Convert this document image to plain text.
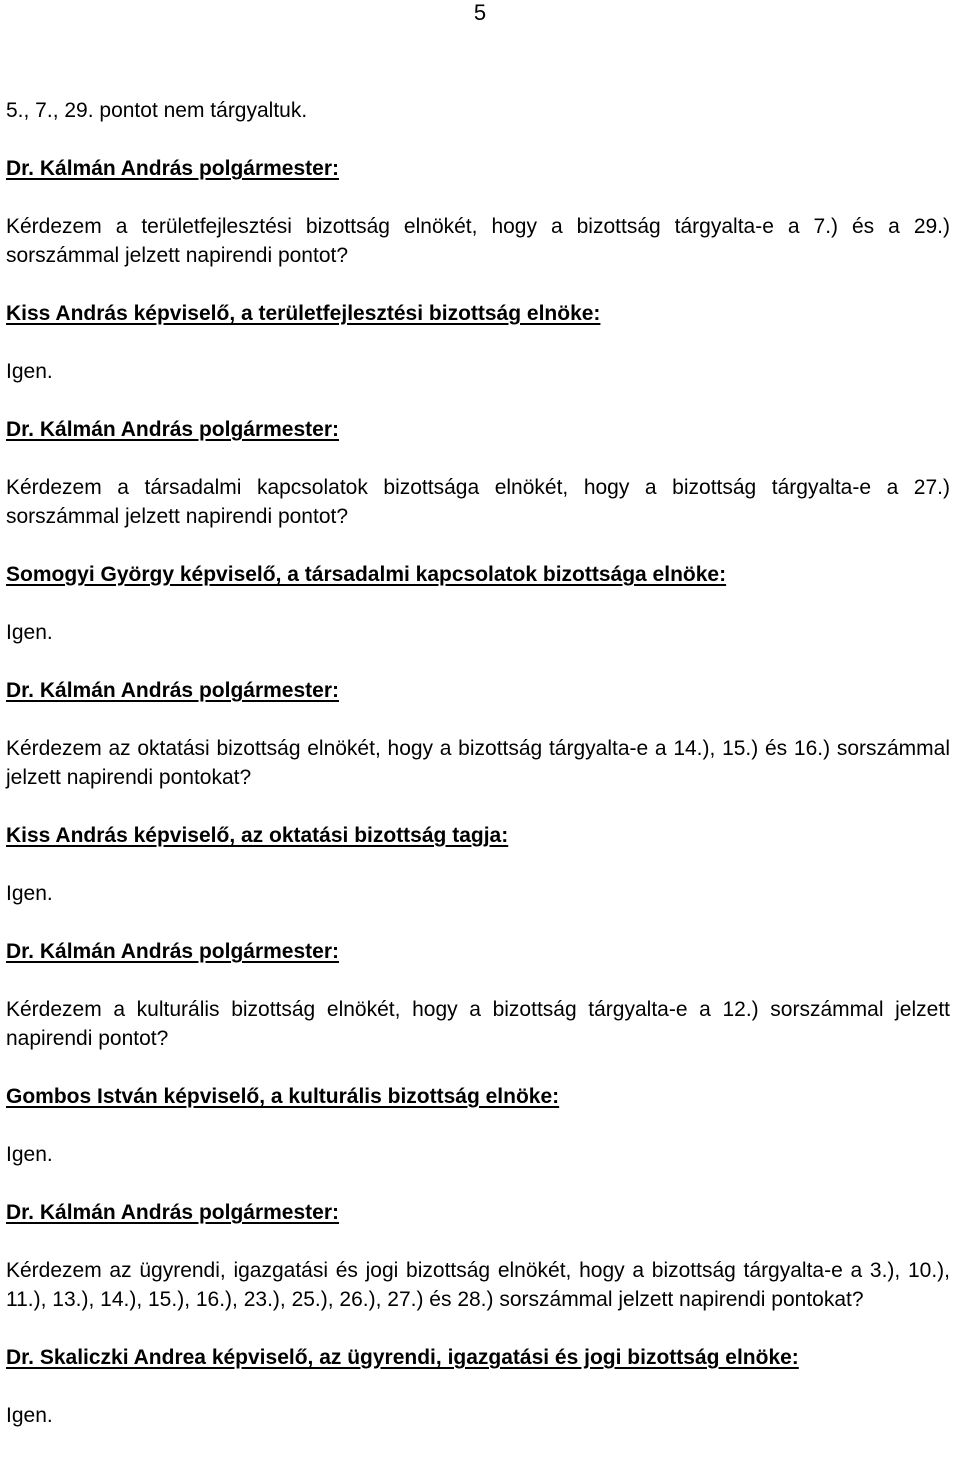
5

5., 7., 29. pontot nem tárgyaltuk.

Dr. Kálmán András polgármester:

Kérdezem a területfejlesztési bizottság elnökét, hogy a bizottság tárgyalta-e a 7.) és a 29.) sorszámmal jelzett napirendi pontot?

Kiss András képviselő, a területfejlesztési bizottság elnöke:

Igen.

Dr. Kálmán András polgármester:

Kérdezem a társadalmi kapcsolatok bizottsága elnökét, hogy a bizottság tárgyalta-e a 27.) sorszámmal jelzett napirendi pontot?

Somogyi György képviselő, a társadalmi kapcsolatok bizottsága elnöke:

Igen.

Dr. Kálmán András polgármester:

Kérdezem az oktatási bizottság elnökét, hogy a bizottság tárgyalta-e a 14.), 15.) és 16.) sorszámmal jelzett napirendi pontokat?

Kiss András képviselő, az oktatási bizottság tagja:

Igen.

Dr. Kálmán András polgármester:

Kérdezem a kulturális bizottság elnökét, hogy a bizottság tárgyalta-e a 12.) sorszámmal jelzett napirendi pontot?

Gombos István képviselő, a kulturális bizottság elnöke:

Igen.

Dr. Kálmán András polgármester:

Kérdezem az ügyrendi, igazgatási és jogi bizottság elnökét, hogy a bizottság tárgyalta-e a 3.), 10.), 11.), 13.), 14.), 15.), 16.), 23.), 25.), 26.), 27.) és 28.) sorszámmal jelzett napirendi pontokat?

Dr. Skaliczki Andrea képviselő, az ügyrendi, igazgatási és jogi bizottság elnöke:

Igen.
